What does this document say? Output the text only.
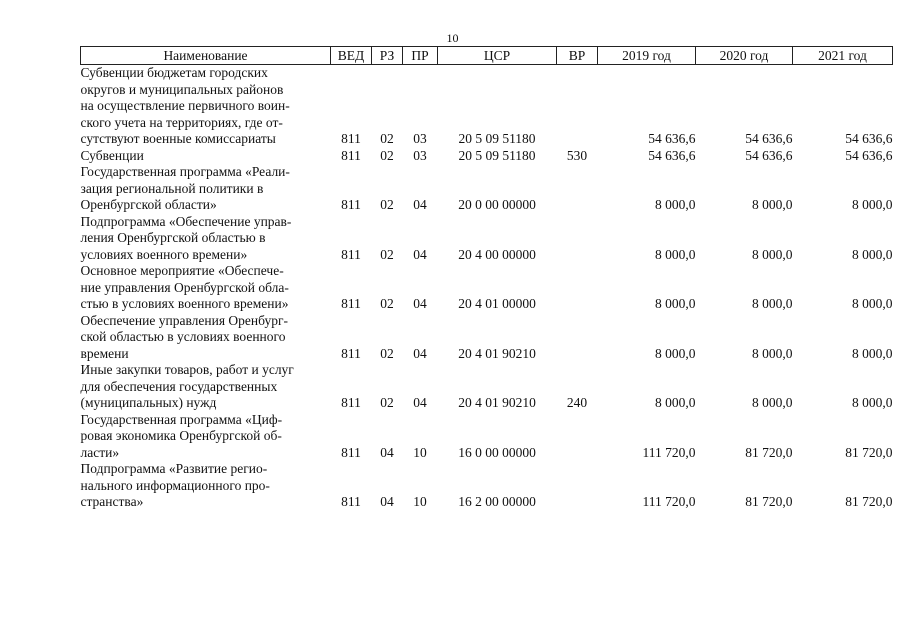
10
Наименование	ВЕД	РЗ	ПР	ЦСР	ВР	2019 год	2020 год	2021 год

Субвенции бюджетам городских
округов и муниципальных районов
на осуществление первичного воин-
ского учета на территориях, где от-
сутствуют военные комиссариаты	811	02	03	20 5 09 51180		54 636,6	54 636,6	54 636,6

Субвенции	811	02	03	20 5 09 51180	530	54 636,6	54 636,6	54 636,6

Государственная программа «Реали-
зация региональной политики в
Оренбургской области»	811	02	04	20 0 00 00000		8 000,0	8 000,0	8 000,0

Подпрограмма «Обеспечение управ-
ления Оренбургской областью в
условиях военного времени»	811	02	04	20 4 00 00000		8 000,0	8 000,0	8 000,0

Основное мероприятие «Обеспече-
ние управления Оренбургской обла-
стью в условиях военного времени»	811	02	04	20 4 01 00000		8 000,0	8 000,0	8 000,0

Обеспечение управления Оренбург-
ской областью в условиях военного
времени	811	02	04	20 4 01 90210		8 000,0	8 000,0	8 000,0

Иные закупки товаров, работ и услуг
для обеспечения государственных
(муниципальных) нужд	811	02	04	20 4 01 90210	240	8 000,0	8 000,0	8 000,0

Государственная программа «Циф-
ровая экономика Оренбургской об-
ласти»	811	04	10	16 0 00 00000		111 720,0	81 720,0	81 720,0

Подпрограмма «Развитие регио-
нального информационного про-
странства»	811	04	10	16 2 00 00000		111 720,0	81 720,0	81 720,0
